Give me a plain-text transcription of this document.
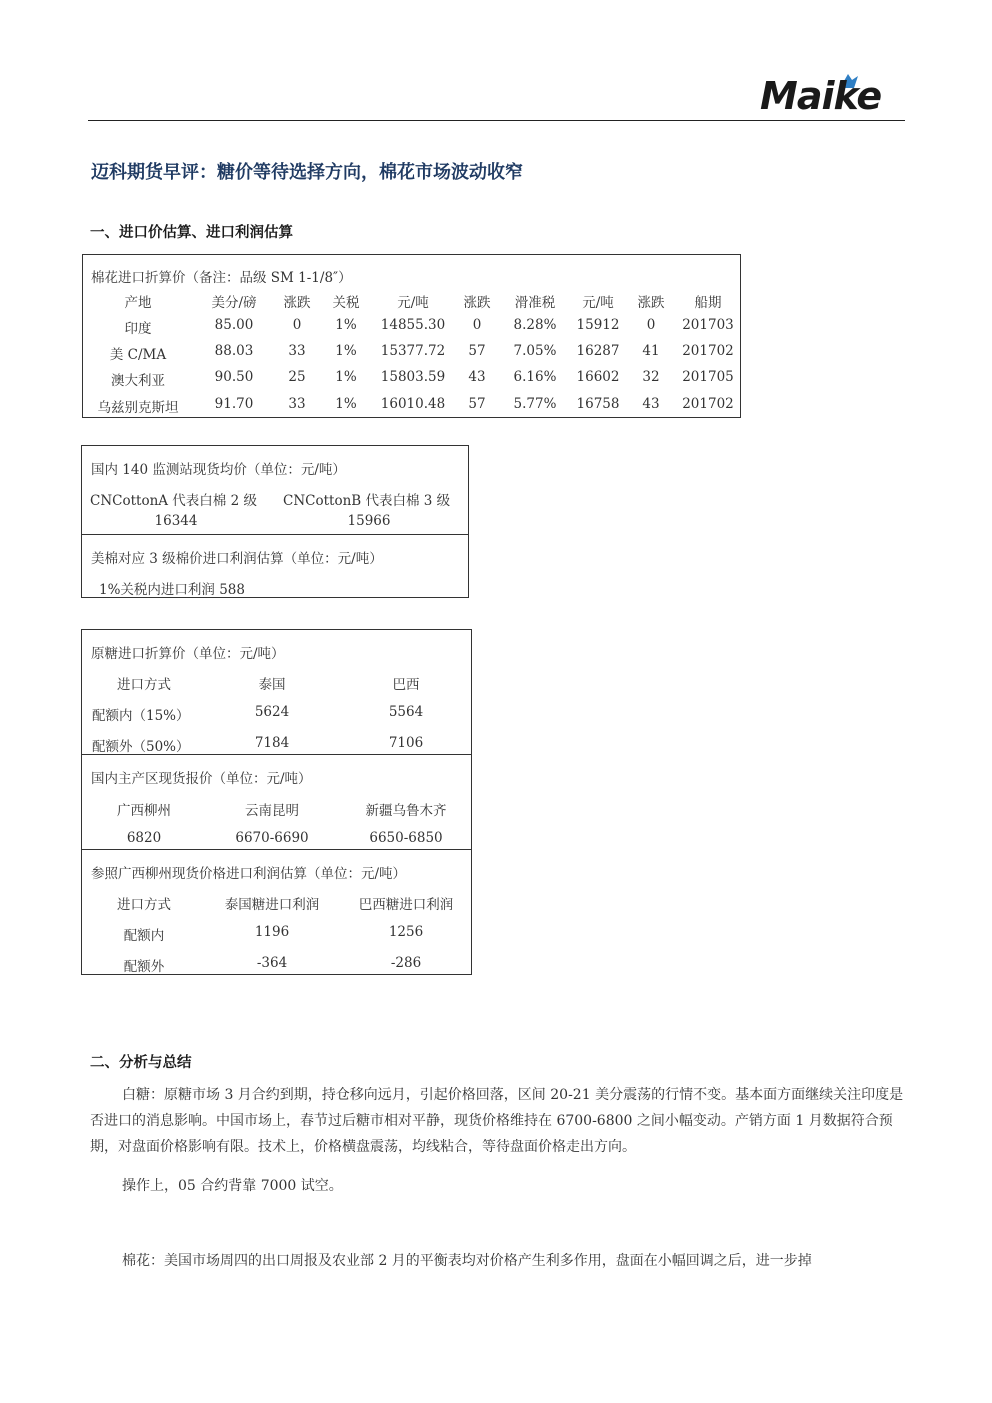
Maike
迈科期货早评：糖价等待选择方向，棉花市场波动收窄
一、进口价估算、进口利润估算
棉花进口折算价（备注：品级 SM 1-1/8″）
产地	美分/磅	涨跌	关税	元/吨	涨跌	滑准税	元/吨	涨跌	船期
印度	85.00	0	1%	14855.30	0	8.28%	15912	0	201703
美 C/MA	88.03	33	1%	15377.72	57	7.05%	16287	41	201702
澳大利亚	90.50	25	1%	15803.59	43	6.16%	16602	32	201705
乌兹别克斯坦	91.70	33	1%	16010.48	57	5.77%	16758	43	201702
国内 140 监测站现货均价（单位：元/吨）
CNCottonA 代表白棉 2 级
16344
CNCottonB 代表白棉 3 级
15966
美棉对应 3 级棉价进口利润估算（单位：元/吨）
1%关税内进口利润 588
原糖进口折算价（单位：元/吨）
进口方式	泰国	巴西
配额内（15%）	5624	5564
配额外（50%）	7184	7106
国内主产区现货报价（单位：元/吨）
广西柳州	云南昆明	新疆乌鲁木齐
6820	6670-6690	6650-6850
参照广西柳州现货价格进口利润估算（单位：元/吨）
进口方式	泰国糖进口利润	巴西糖进口利润
配额内	1196	1256
配额外	-364	-286
二、分析与总结
白糖：原糖市场 3 月合约到期，持仓移向远月，引起价格回落，区间 20-21 美分震荡的行情不变。基本面方面继续关注印度是否进口的消息影响。中国市场上，春节过后糖市相对平静，现货价格维持在 6700-6800 之间小幅变动。产销方面 1 月数据符合预期，对盘面价格影响有限。技术上，价格横盘震荡，均线粘合，等待盘面价格走出方向。
操作上，05 合约背靠 7000 试空。
棉花：美国市场周四的出口周报及农业部 2 月的平衡表均对价格产生利多作用，盘面在小幅回调之后，进一步掉
